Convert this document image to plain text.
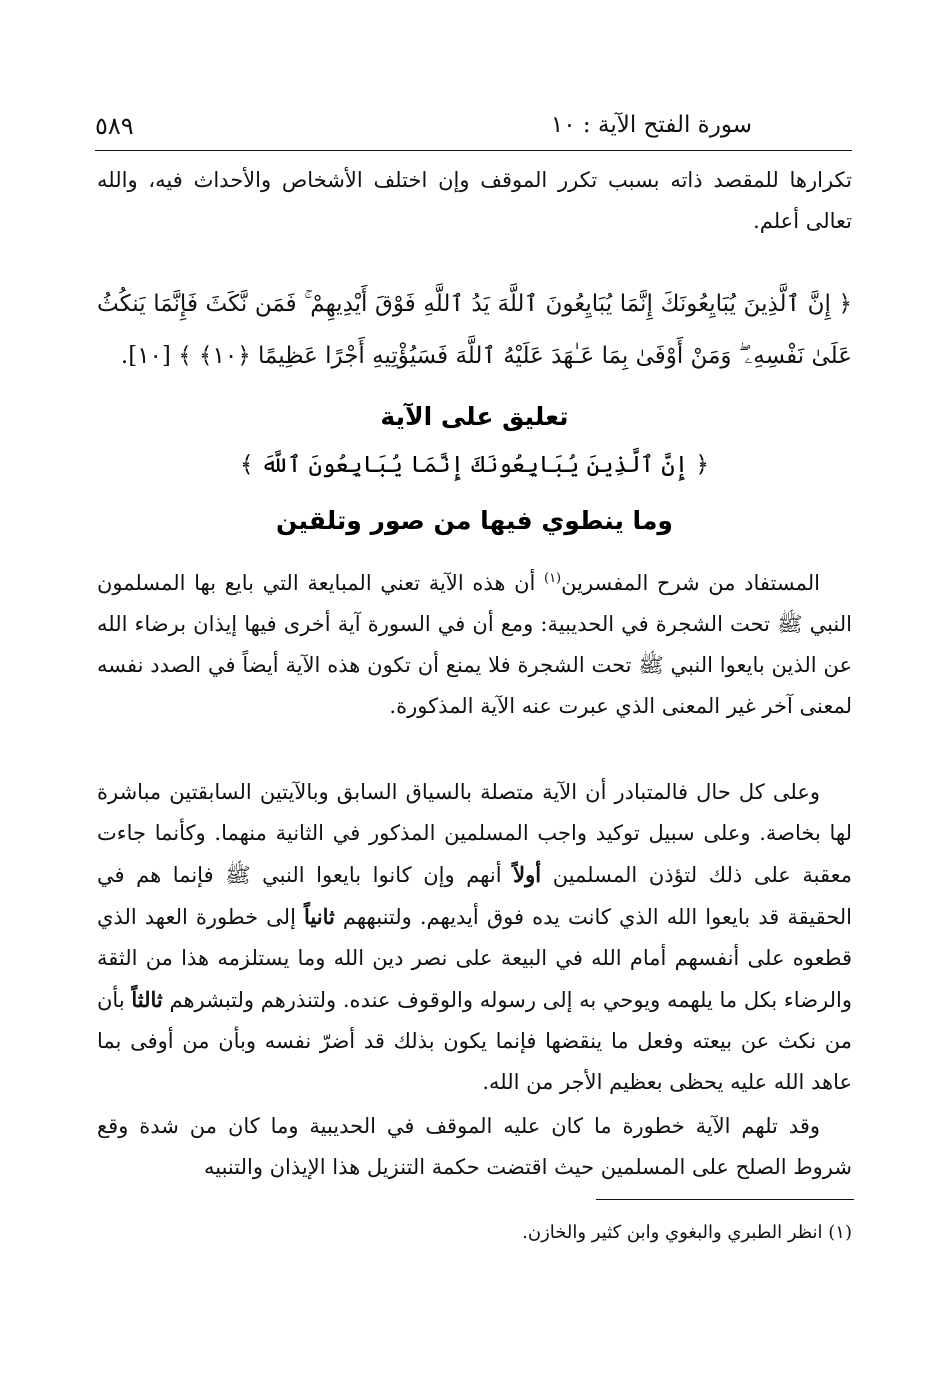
سورة الفتح الآية : ١٠
٥٨٩

تكرارها للمقصد ذاته بسبب تكرر الموقف وإن اختلف الأشخاص والأحداث فيه، والله تعالى أعلم.

﴿ إِنَّ ٱلَّذِينَ يُبَايِعُونَكَ إِنَّمَا يُبَايِعُونَ ٱللَّهَ يَدُ ٱللَّهِ فَوْقَ أَيْدِيهِمْ ۚ فَمَن نَّكَثَ فَإِنَّمَا يَنكُثُ عَلَىٰ نَفْسِهِۦ ۖ وَمَنْ أَوْفَىٰ بِمَا عَـٰهَدَ عَلَيْهُ ٱللَّهَ فَسَيُؤْتِيهِ أَجْرًا عَظِيمًا ﴿١٠﴾ ﴾ [١٠].

تعليق على الآية
﴿ إِنَّ ٱلَّذِينَ يُبَايِعُونَكَ إِنَّمَا يُبَايِعُونَ ٱللَّهَ ﴾
وما ينطوي فيها من صور وتلقين

المستفاد من شرح المفسرين$^{(١)}$ أن هذه الآية تعني المبايعة التي بايع بها المسلمون النبي ﷺ تحت الشجرة في الحديبية: ومع أن في السورة آية أخرى فيها إيذان برضاء الله عن الذين بايعوا النبي ﷺ تحت الشجرة فلا يمنع أن تكون هذه الآية أيضاً في الصدد نفسه لمعنى آخر غير المعنى الذي عبرت عنه الآية المذكورة.

وعلى كل حال فالمتبادر أن الآية متصلة بالسياق السابق وبالآيتين السابقتين مباشرة لها بخاصة. وعلى سبيل توكيد واجب المسلمين المذكور في الثانية منهما. وكأنما جاءت معقبة على ذلك لتؤذن المسلمين أولاً أنهم وإن كانوا بايعوا النبي ﷺ فإنما هم في الحقيقة قد بايعوا الله الذي كانت يده فوق أيديهم. ولتنبههم ثانياً إلى خطورة العهد الذي قطعوه على أنفسهم أمام الله في البيعة على نصر دين الله وما يستلزمه هذا من الثقة والرضاء بكل ما يلهمه ويوحي به إلى رسوله والوقوف عنده. ولتنذرهم ولتبشرهم ثالثاً بأن من نكث عن بيعته وفعل ما ينقضها فإنما يكون بذلك قد أضرّ نفسه وبأن من أوفى بما عاهد الله عليه يحظى بعظيم الأجر من الله.

وقد تلهم الآية خطورة ما كان عليه الموقف في الحديبية وما كان من شدة وقع شروط الصلح على المسلمين حيث اقتضت حكمة التنزيل هذا الإيذان والتنبيه

(١) انظر الطبري والبغوي وابن كثير والخازن.
